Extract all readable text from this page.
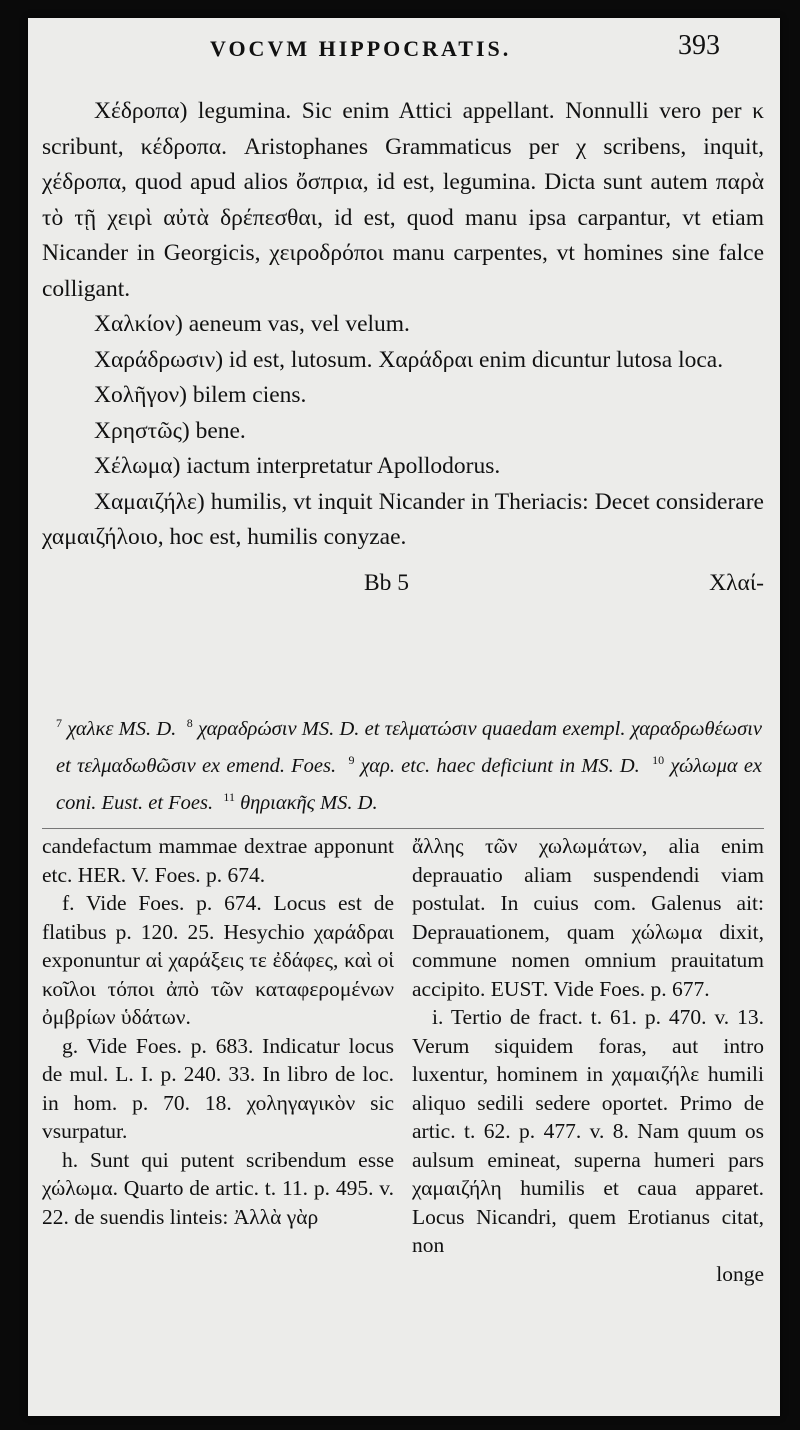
VOCVM HIPPOCRATIS.	393

Χέδροπα) legumina. Sic enim Attici appellant. Nonnulli vero per κ scribunt, κέδροπα. Aristophanes Grammaticus per χ scribens, inquit, χέδροπα, quod apud alios ὄσπρια, id est, legumina. Dicta sunt autem παρὰ τὸ τῇ χειρὶ αὐτὰ δρέπεσθαι, id est, quod manu ipsa carpantur, vt etiam Nicander in Georgicis, χειροδρόποι manu carpentes, vt homines sine falce colligant.

Χαλκίον) aeneum vas, vel velum.

Χαράδρωσιν) id est, lutosum. Χαράδραι enim dicuntur lutosa loca.

Χολῆγον) bilem ciens.

Χρηστῶς) bene.

Χέλωμα) iactum interpretatur Apollodorus.

Χαμαιζήλε) humilis, vt inquit Nicander in Theriacis: Decet considerare χαμαιζήλοιο, hoc est, humilis conyzae.

Bb 5	Χλαί-

$^7$ χαλκε MS. D. $^8$ χαραδρώσιν MS. D. et τελματώσιν quaedam exempl. χαραδρωθέωσιν et τελμαδωθῶσιν ex emend. Foes. $^9$ χαρ. etc. haec deficiunt in MS. D. $^{10}$ χώλωμα ex coni. Eust. et Foes. $^{11}$ θηριακῆς MS. D.

candefactum mammae dextrae apponunt etc. HER. V. Foes. p. 674.

f. Vide Foes. p. 674. Locus est de flatibus p. 120. 25. Hesychio χαράδραι exponuntur αἱ χαράξεις τε ἐδάφες, καὶ οἱ κοῖλοι τόποι ἀπὸ τῶν καταφερομένων ὀμβρίων ὑδάτων.

g. Vide Foes. p. 683. Indicatur locus de mul. L. I. p. 240. 33. In libro de loc. in hom. p. 70. 18. χοληγαγικὸν sic vsurpatur.

h. Sunt qui putent scribendum esse χώλωμα. Quarto de artic. t. 11. p. 495. v. 22. de suendis linteis: Ἀλλὰ γὰρ

ἄλλης τῶν χωλωμάτων, alia enim deprauatio aliam suspendendi viam postulat. In cuius com. Galenus ait: Deprauationem, quam χώλωμα dixit, commune nomen omnium prauitatum accipito. EUST. Vide Foes. p. 677.

i. Tertio de fract. t. 61. p. 470. v. 13. Verum siquidem foras, aut intro luxentur, hominem in χαμαιζήλε humili aliquo sedili sedere oportet. Primo de artic. t. 62. p. 477. v. 8. Nam quum os aulsum emineat, superna humeri pars χαμαιζήλη humilis et caua apparet. Locus Nicandri, quem Erotianus citat, non

longe
